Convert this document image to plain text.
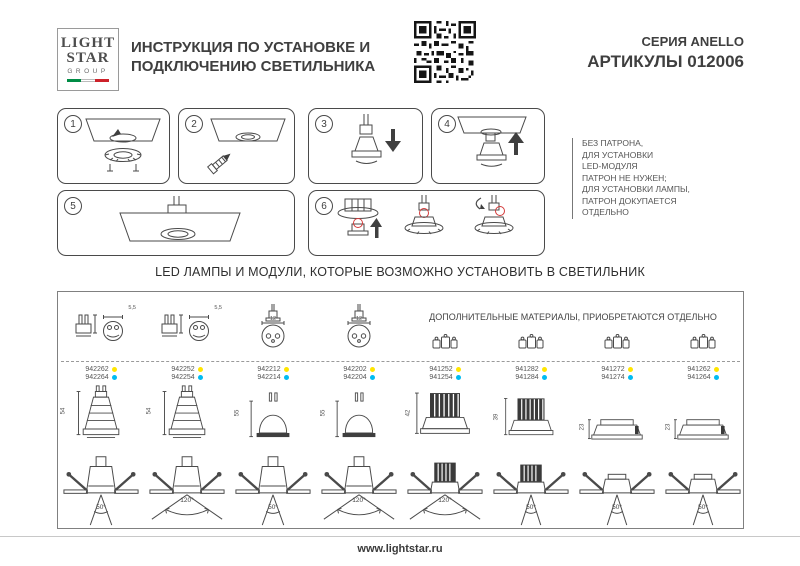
LIGHT
STAR
GROUP
ИНСТРУКЦИЯ ПО УСТАНОВКЕ И
ПОДКЛЮЧЕНИЮ СВЕТИЛЬНИКА
СЕРИЯ ANELLO
АРТИКУЛЫ 012006
1	2	3	4
5	6
БЕЗ ПАТРОНА,
ДЛЯ УСТАНОВКИ
LED-МОДУЛЯ
ПАТРОН НЕ НУЖЕН;
ДЛЯ УСТАНОВКИ ЛАМПЫ,
ПАТРОН ДОКУПАЕТСЯ
ОТДЕЛЬНО
LED ЛАМПЫ И МОДУЛИ, КОТОРЫЕ ВОЗМОЖНО УСТАНОВИТЬ В СВЕТИЛЬНИК
ДОПОЛНИТЕЛЬНЫЕ МАТЕРИАЛЫ, ПРИОБРЕТАЮТСЯ ОТДЕЛЬНО
5,5
942262
942264
54
50°
5,5
942252
942254
54
120°
12
942212
942214
55
50°
12
942202
942204
55
120°
941252
941254
42
120°
941282
941284
39
50°
941272
941274
23
50°
941262
941264
23
50°
www.lightstar.ru
